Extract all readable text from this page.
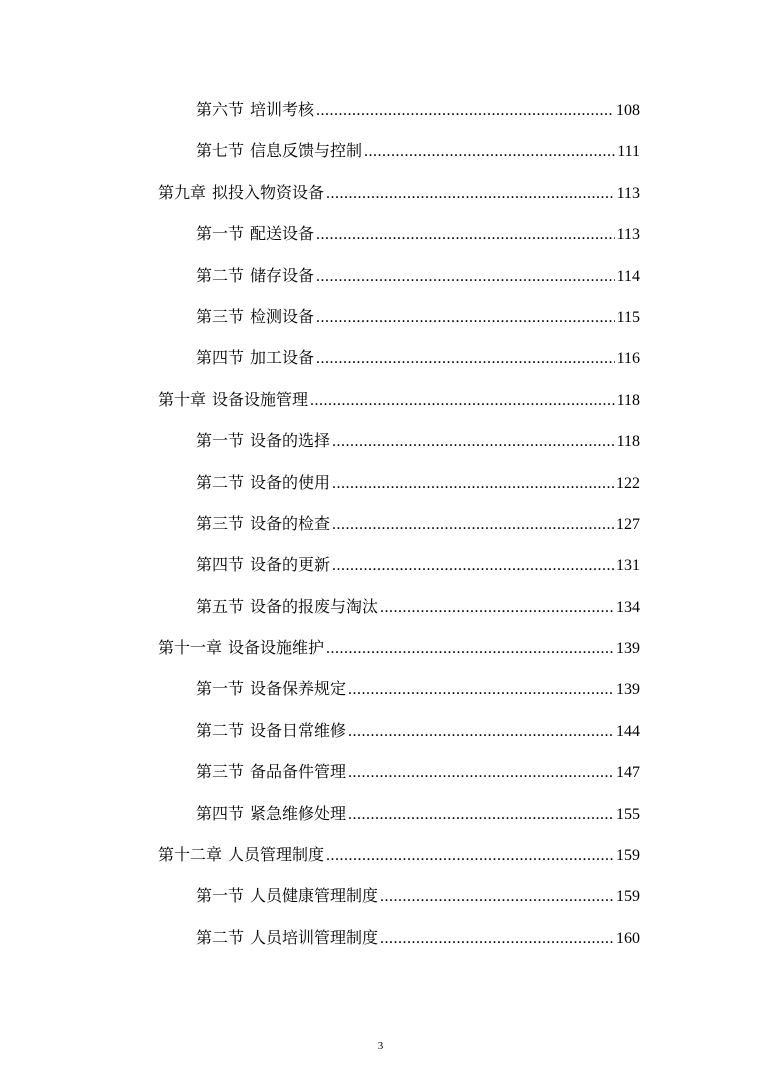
第六节 培训考核 .....	108
第七节 信息反馈与控制 .....	111
第九章 拟投入物资设备 .....	113
第一节 配送设备 .....	113
第二节 储存设备 .....	114
第三节 检测设备 .....	115
第四节 加工设备 .....	116
第十章 设备设施管理 .....	118
第一节 设备的选择 .....	118
第二节 设备的使用 .....	122
第三节 设备的检查 .....	127
第四节 设备的更新 .....	131
第五节 设备的报废与淘汰 .....	134
第十一章 设备设施维护 .....	139
第一节 设备保养规定 .....	139
第二节 设备日常维修 .....	144
第三节 备品备件管理 .....	147
第四节 紧急维修处理 .....	155
第十二章 人员管理制度 .....	159
第一节 人员健康管理制度 .....	159
第二节 人员培训管理制度 .....	160
3
